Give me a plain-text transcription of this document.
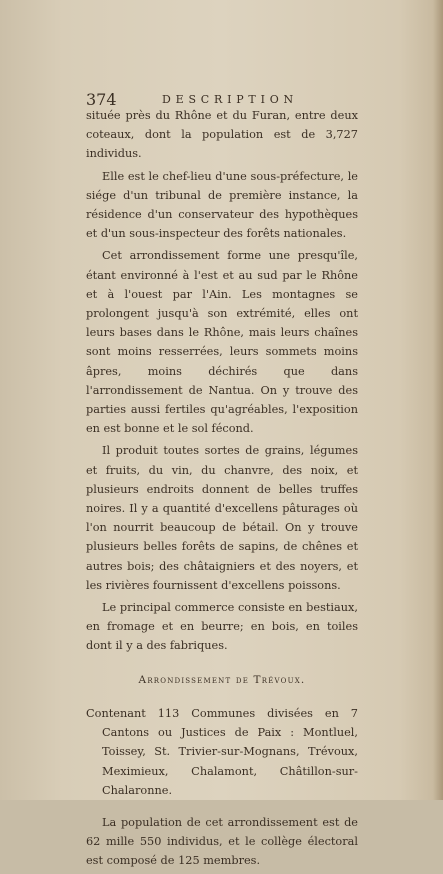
374	DESCRIPTION

située près du Rhône et du Furan, entre deux coteaux, dont la population est de 3,727 individus.

Elle est le chef-lieu d'une sous-préfecture, le siége d'un tribunal de première instance, la résidence d'un conservateur des hypothèques et d'un sous-inspecteur des forêts nationales.

Cet arrondissement forme une presqu'île, étant environné à l'est et au sud par le Rhône et à l'ouest par l'Ain. Les montagnes se prolongent jusqu'à son extrémité, elles ont leurs bases dans le Rhône, mais leurs chaînes sont moins resserrées, leurs sommets moins âpres, moins déchirés que dans l'arrondissement de Nantua. On y trouve des parties aussi fertiles qu'agréables, l'exposition en est bonne et le sol fécond.

Il produit toutes sortes de grains, légumes et fruits, du vin, du chanvre, des noix, et plusieurs endroits donnent de belles truffes noires. Il y a quantité d'excellens pâturages où l'on nourrit beaucoup de bétail. On y trouve plusieurs belles forêts de sapins, de chênes et autres bois; des châtaigniers et des noyers, et les rivières fournissent d'excellens poissons.

Le principal commerce consiste en bestiaux, en fromage et en beurre; en bois, en toiles dont il y a des fabriques.

Arrondissement de Trévoux.

Contenant 113 Communes divisées en 7 Cantons ou Justices de Paix : Montluel, Toissey, St. Trivier-sur-Mognans, Trévoux, Meximieux, Chalamont, Châtillon-sur-Chalaronne.

La population de cet arrondissement est de 62 mille 550 individus, et le collège électoral est composé de 125 membres.
